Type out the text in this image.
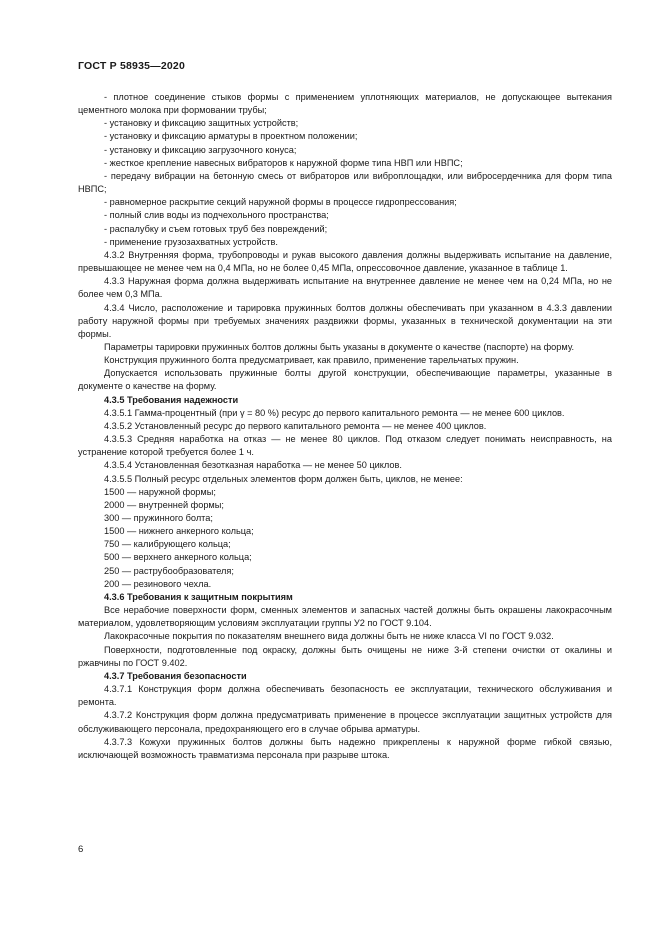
ГОСТ Р 58935—2020

- плотное соединение стыков формы с применением уплотняющих материалов, не допускающее вытекания цементного молока при формовании трубы;

- установку и фиксацию защитных устройств;

- установку и фиксацию арматуры в проектном положении;

- установку и фиксацию загрузочного конуса;

- жесткое крепление навесных вибраторов к наружной форме типа НВП или НВПС;

- передачу вибрации на бетонную смесь от вибраторов или виброплощадки, или вибросердечника для форм типа НВПС;

- равномерное раскрытие секций наружной формы в процессе гидропрессования;

- полный слив воды из подчехольного пространства;

- распалубку и съем готовых труб без повреждений;

- применение грузозахватных устройств.

4.3.2 Внутренняя форма, трубопроводы и рукав высокого давления должны выдерживать испытание на давление, превышающее не менее чем на 0,4 МПа, но не более 0,45 МПа, опрессовочное давление, указанное в таблице 1.

4.3.3 Наружная форма должна выдерживать испытание на внутреннее давление не менее чем на 0,24 МПа, но не более чем 0,3 МПа.

4.3.4 Число, расположение и тарировка пружинных болтов должны обеспечивать при указанном в 4.3.3 давлении работу наружной формы при требуемых значениях раздвижки формы, указанных в технической документации на эти формы.

Параметры тарировки пружинных болтов должны быть указаны в документе о качестве (паспорте) на форму.

Конструкция пружинного болта предусматривает, как правило, применение тарельчатых пружин.

Допускается использовать пружинные болты другой конструкции, обеспечивающие параметры, указанные в документе о качестве на форму.

4.3.5 Требования надежности

4.3.5.1 Гамма-процентный (при γ = 80 %) ресурс до первого капитального ремонта — не менее 600 циклов.

4.3.5.2 Установленный ресурс до первого капитального ремонта — не менее 400 циклов.

4.3.5.3 Средняя наработка на отказ — не менее 80 циклов. Под отказом следует понимать неисправность, на устранение которой требуется более 1 ч.

4.3.5.4 Установленная безотказная наработка — не менее 50 циклов.

4.3.5.5 Полный ресурс отдельных элементов форм должен быть, циклов, не менее:

1500 — наружной формы;

2000 — внутренней формы;

300 — пружинного болта;

1500 — нижнего анкерного кольца;

750 — калибрующего кольца;

500 — верхнего анкерного кольца;

250 — раструбообразователя;

200 — резинового чехла.

4.3.6 Требования к защитным покрытиям

Все нерабочие поверхности форм, сменных элементов и запасных частей должны быть окрашены лакокрасочным материалом, удовлетворяющим условиям эксплуатации группы У2 по ГОСТ 9.104.

Лакокрасочные покрытия по показателям внешнего вида должны быть не ниже класса VI по ГОСТ 9.032.

Поверхности, подготовленные под окраску, должны быть очищены не ниже 3-й степени очистки от окалины и ржавчины по ГОСТ 9.402.

4.3.7 Требования безопасности

4.3.7.1 Конструкция форм должна обеспечивать безопасность ее эксплуатации, технического обслуживания и ремонта.

4.3.7.2 Конструкция форм должна предусматривать применение в процессе эксплуатации защитных устройств для обслуживающего персонала, предохраняющего его в случае обрыва арматуры.

4.3.7.3 Кожухи пружинных болтов должны быть надежно прикреплены к наружной форме гибкой связью, исключающей возможность травматизма персонала при разрыве штока.

6
